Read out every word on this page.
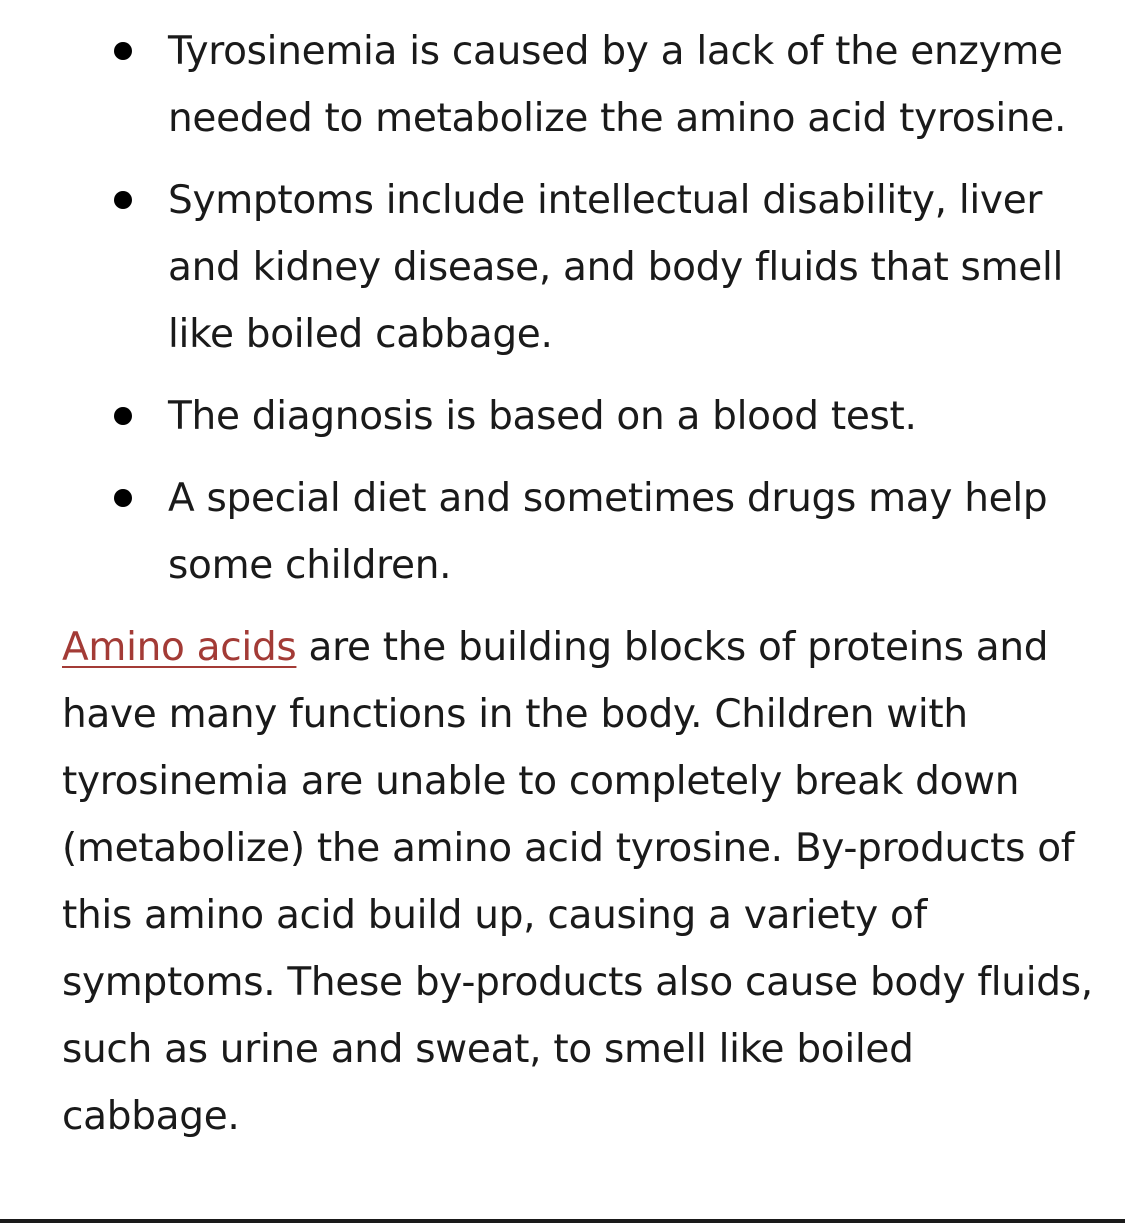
Tyrosinemia is caused by a lack of the enzyme needed to metabolize the amino acid tyrosine.
Symptoms include intellectual disability, liver and kidney disease, and body fluids that smell like boiled cabbage.
The diagnosis is based on a blood test.
A special diet and sometimes drugs may help some children.

Amino acids are the building blocks of proteins and have many functions in the body. Children with tyrosinemia are unable to completely break down (metabolize) the amino acid tyrosine. By-products of this amino acid build up, causing a variety of symptoms. These by-products also cause body fluids, such as urine and sweat, to smell like boiled cabbage.
